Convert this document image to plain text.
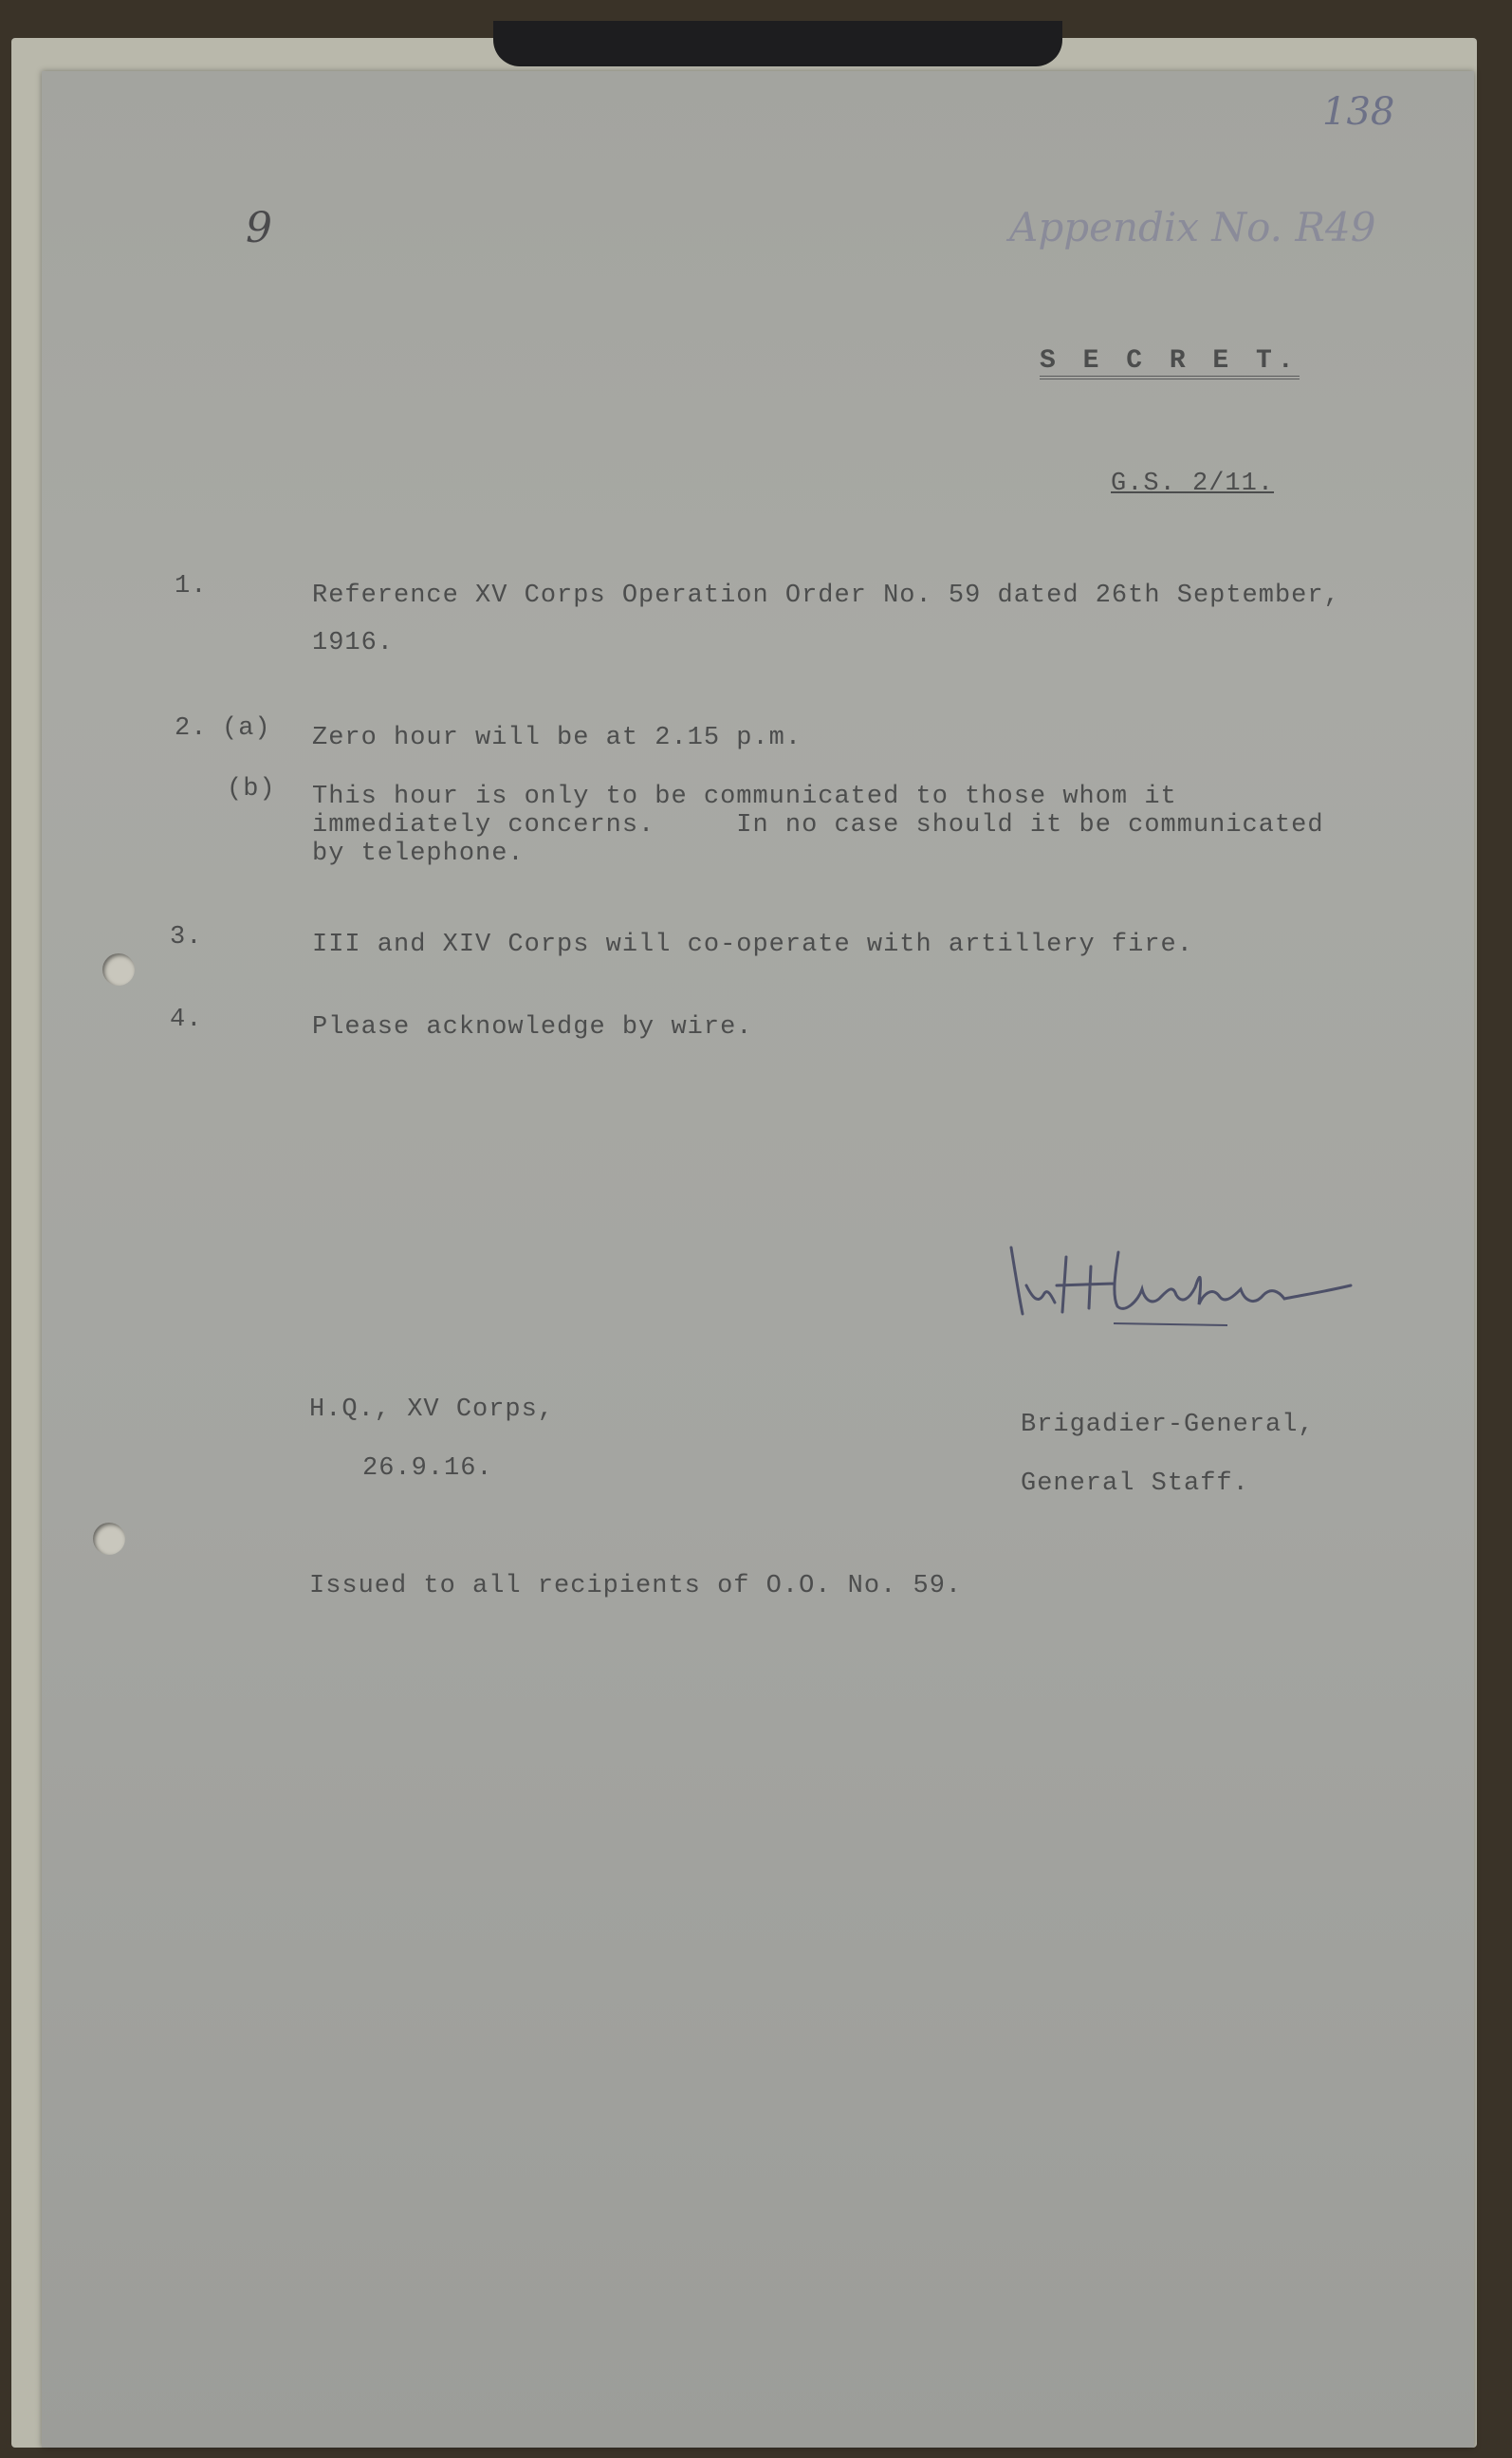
138
9	Appendix No. R49
S E C R E T.
G.S. 2/11.
1.	Reference XV Corps Operation Order No. 59 dated 26th September,
1916.
2. (a) Zero hour will be at 2.15 p.m.
(b) This hour is only to be communicated to those whom it
immediately concerns.     In no case should it be communicated
by telephone.
3.	III and XIV Corps will co-operate with artillery fire.
4.	Please acknowledge by wire.
H.Q., XV Corps,
26.9.16.
Brigadier-General,
General Staff.
Issued to all recipients of O.O. No. 59.
